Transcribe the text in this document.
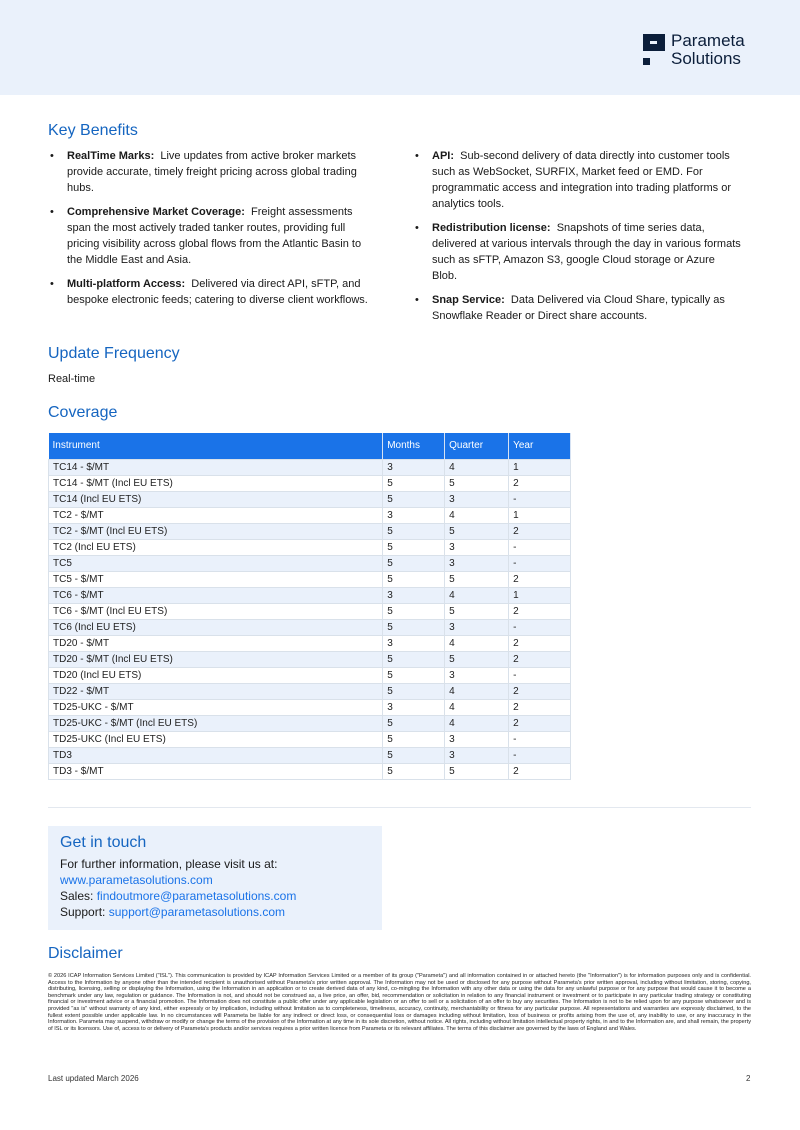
Parameta
Solutions
Key Benefits
• RealTime Marks: Live updates from active broker markets provide accurate, timely freight pricing across global trading hubs.
• Comprehensive Market Coverage: Freight assessments span the most actively traded tanker routes, providing full pricing visibility across global flows from the Atlantic Basin to the Middle East and Asia.
• Multi-platform Access: Delivered via direct API, sFTP, and bespoke electronic feeds; catering to diverse client workflows.
• API: Sub-second delivery of data directly into customer tools such as WebSocket, SURFIX, Market feed or EMD. For programmatic access and integration into trading platforms or analytics tools.
• Redistribution license: Snapshots of time series data, delivered at various intervals through the day in various formats such as sFTP, Amazon S3, google Cloud storage or Azure Blob.
• Snap Service: Data Delivered via Cloud Share, typically as Snowflake Reader or Direct share accounts.
Update Frequency
Real-time
Coverage
Instrument	Months	Quarter	Year
TC14 - $/MT	3	4	1
TC14 - $/MT (Incl EU ETS)	5	5	2
TC14 (Incl EU ETS)	5	3	-
TC2 - $/MT	3	4	1
TC2 - $/MT (Incl EU ETS)	5	5	2
TC2 (Incl EU ETS)	5	3	-
TC5	5	3	-
TC5 - $/MT	5	5	2
TC6 - $/MT	3	4	1
TC6 - $/MT (Incl EU ETS)	5	5	2
TC6 (Incl EU ETS)	5	3	-
TD20 - $/MT	3	4	2
TD20 - $/MT (Incl EU ETS)	5	5	2
TD20 (Incl EU ETS)	5	3	-
TD22 - $/MT	5	4	2
TD25-UKC - $/MT	3	4	2
TD25-UKC - $/MT (Incl EU ETS)	5	4	2
TD25-UKC (Incl EU ETS)	5	3	-
TD3	5	3	-
TD3 - $/MT	5	5	2
Get in touch

For further information, please visit us at:

www.parametasolutions.com

Sales: findoutmore@parametasolutions.com

Support: support@parametasolutions.com

Disclaimer
© 2026 ICAP Information Services Limited ("ISL"). This communication is provided by ICAP Information Services Limited or a member of its group ("Parameta") and all information contained in or attached hereto (the "Information") is for information purposes only and is confidential. Access to the Information by anyone other than the intended recipient is unauthorised without Parameta's prior written approval. The Information may not be used or disclosed for any purpose without Parameta's prior written approval, including without limitation, storing, copying, distributing, licensing, selling or displaying the Information, using the Information in an application or to create derived data of any kind, co-mingling the Information with any other data or using the data for any unlawful purpose or for any purpose that would cause it to become a benchmark under any law, regulation or guidance. The Information is not, and should not be construed as, a live price, an offer, bid, recommendation or solicitation in relation to any financial instrument or investment or to participate in any particular trading strategy or constituting financial or investment advice or a financial promotion. The Information does not constitute a public offer under any applicable legislation or an offer to sell or a solicitation of an offer to buy any securities. The Information is not to be relied upon for any purpose whatsoever and is provided "as is" without warranty of any kind, either expressly or by implication, including without limitation as to completeness, timeliness, accuracy, continuity, merchantability or fitness for any particular purpose. All representations and warranties are expressly disclaimed, to the fullest extent possible under applicable law. In no circumstances will Parameta be liable for any indirect or direct loss, or consequential loss or damages including without limitation, loss of business or profits arising from the use of, any inability to use, or any inaccuracy in the Information. Parameta may suspend, withdraw or modify or change the terms of the provision of the Information at any time in its sole discretion, without notice. All rights, including without limitation intellectual property rights, in and to the Information are, and shall remain, the property of ISL or its licensors. Use of, access to or delivery of Parameta's products and/or services requires a prior written licence from Parameta or its relevant affiliates. The terms of this disclaimer are governed by the laws of England and Wales.
Last updated March 2026	2
